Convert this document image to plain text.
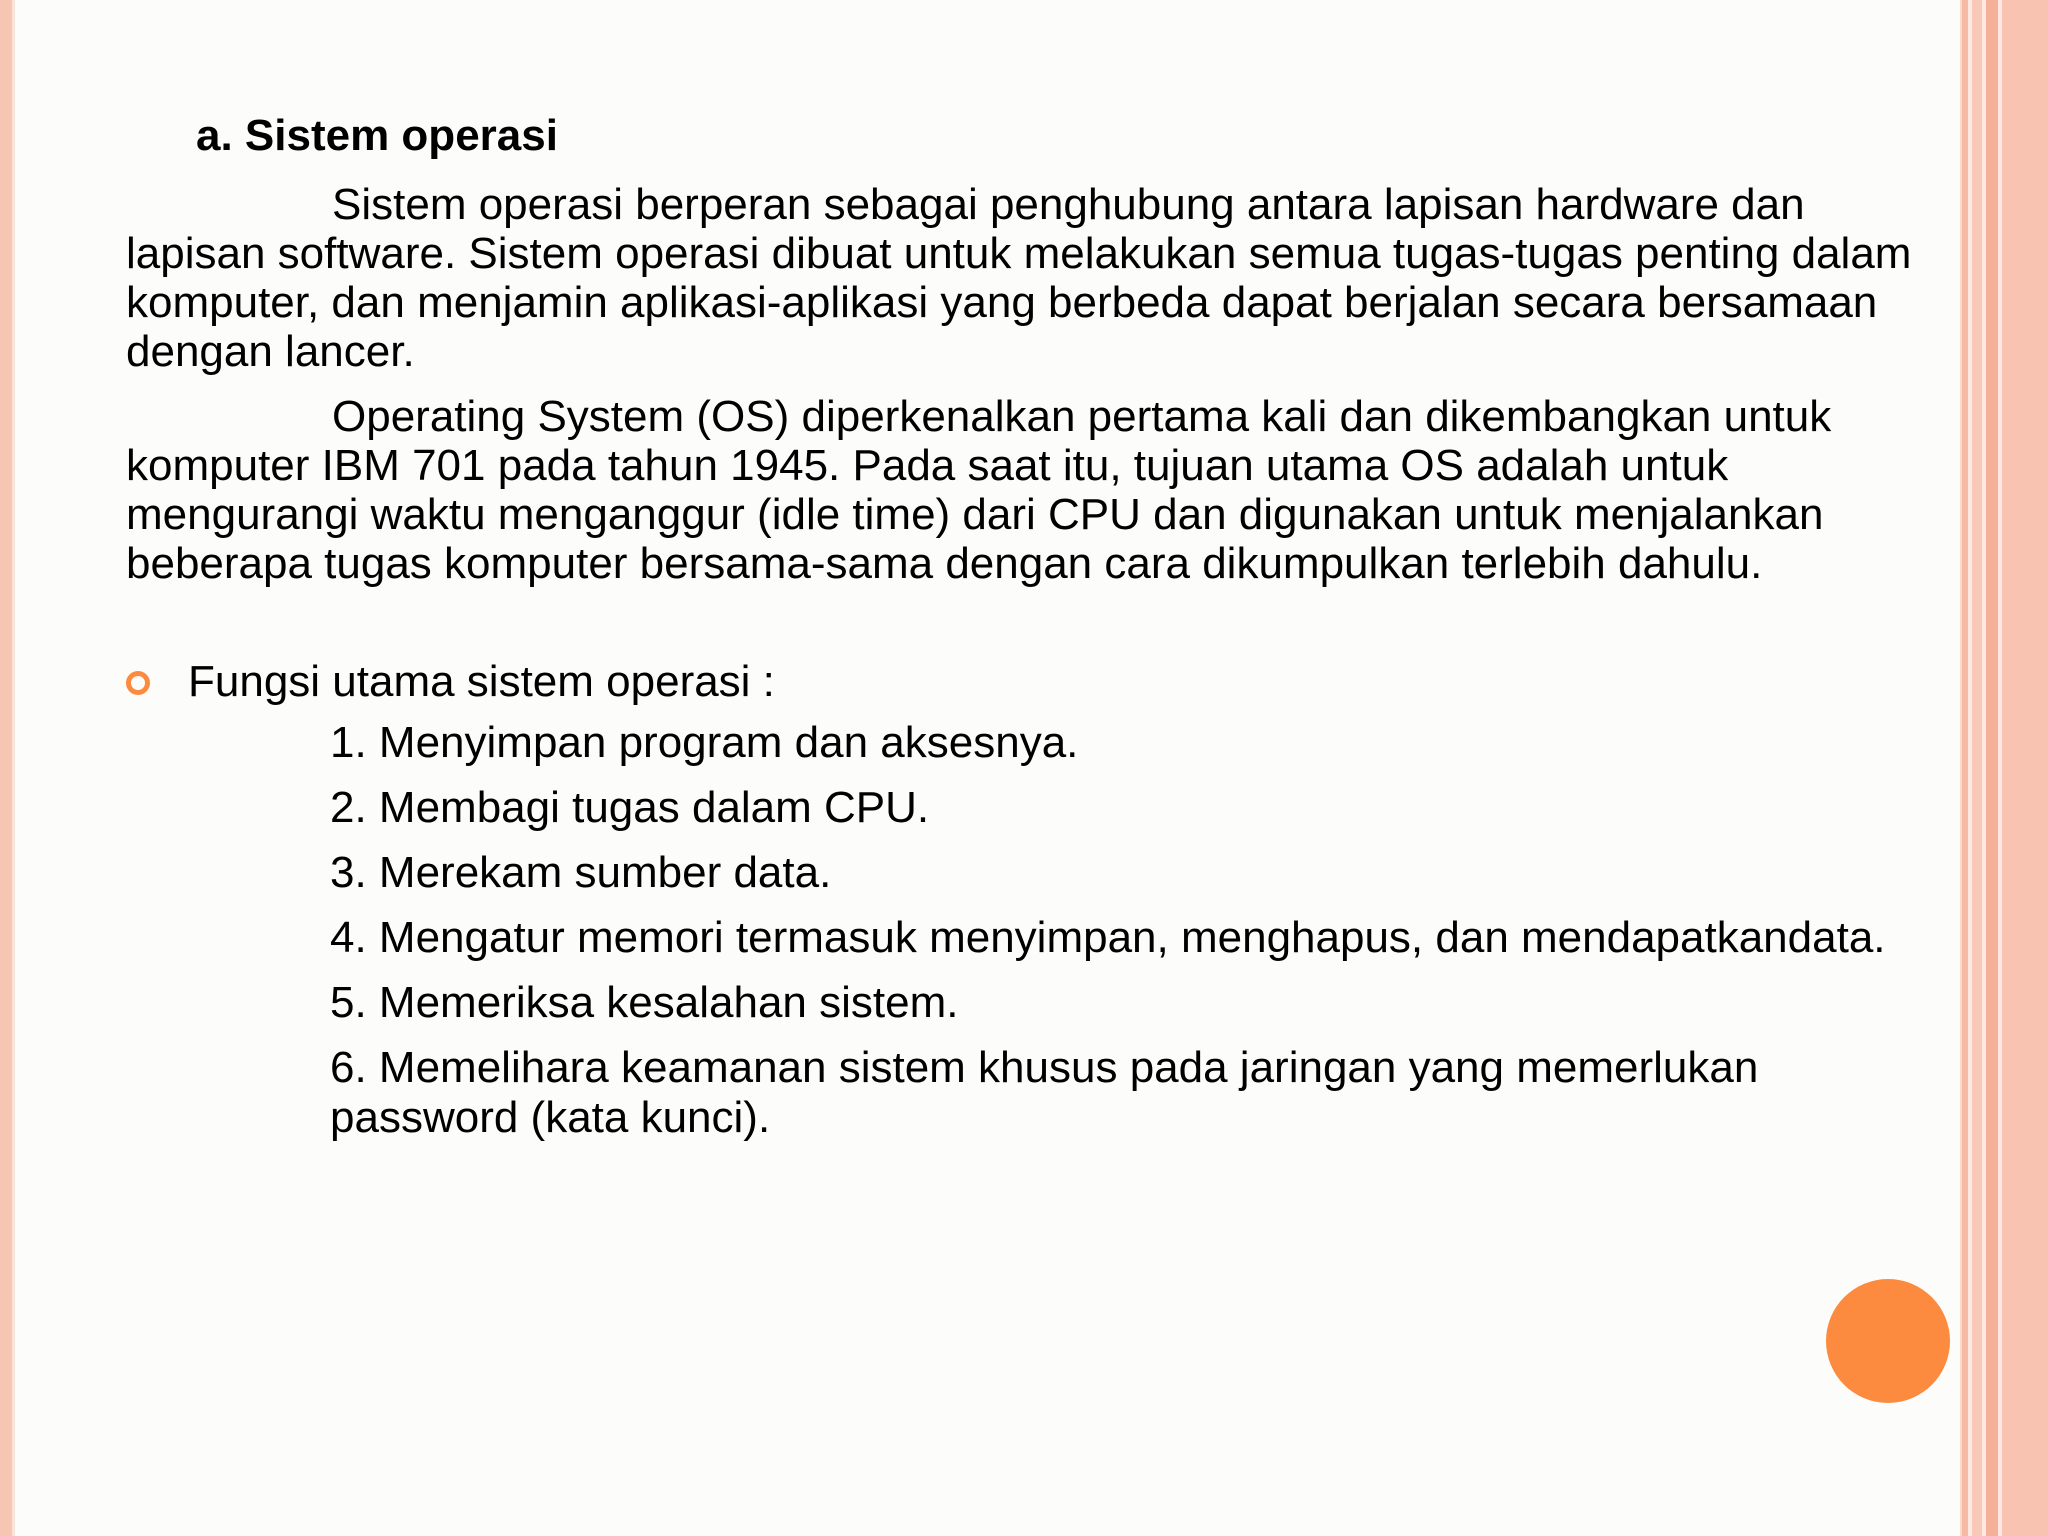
a. Sistem operasi

Sistem operasi berperan sebagai penghubung antara lapisan hardware dan lapisan software. Sistem operasi dibuat untuk melakukan semua tugas-tugas penting dalam komputer, dan menjamin aplikasi-aplikasi yang berbeda dapat berjalan secara bersamaan dengan lancer.

Operating System (OS) diperkenalkan pertama kali dan dikembangkan untuk komputer IBM 701 pada tahun 1945. Pada saat itu, tujuan utama OS adalah untuk mengurangi waktu menganggur (idle time) dari CPU dan digunakan untuk menjalankan beberapa tugas komputer bersama-sama dengan cara dikumpulkan terlebih dahulu.

Fungsi utama sistem operasi :
1. Menyimpan program dan aksesnya.
2. Membagi tugas dalam CPU.
3. Merekam sumber data.
4. Mengatur memori termasuk menyimpan, menghapus, dan mendapatkandata.
5. Memeriksa kesalahan sistem.
6. Memelihara keamanan sistem khusus pada jaringan yang memerlukan password (kata kunci).
